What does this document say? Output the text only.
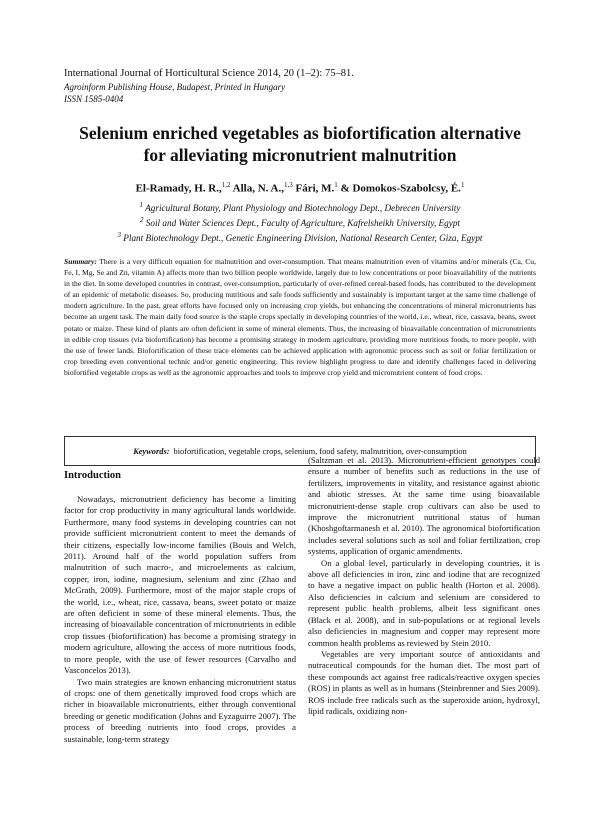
International Journal of Horticultural Science 2014, 20 (1–2): 75–81.
Agroinform Publishing House, Budapest, Printed in Hungary
ISSN 1585-0404
Selenium enriched vegetables as biofortification alternative
for alleviating micronutrient malnutrition
El-Ramady, H. R.,$^{1,2}$ Alla, N. A.,$^{1,3}$ Fári, M.$^1$ & Domokos-Szabolcsy, É.$^1$
$^1$ Agricultural Botany, Plant Physiology and Biotechnology Dept., Debrecen University
$^2$ Soil and Water Sciences Dept., Faculty of Agriculture, Kafrelsheikh University, Egypt
$^3$ Plant Biotechnology Dept., Genetic Engineering Division, National Research Center, Giza, Egypt
Summary: There is a very difficult equation for malnutrition and over-consumption. That means malnutrition even of vitamins and/or minerals (Ca, Cu, Fe, I, Mg, Se and Zn, vitamin A) affects more than two billion people worldwide, largely due to low concentrations or poor bioavailability of the nutrients in the diet. In some developed countries in contrast, over-consumption, particularly of over-refined cereal-based foods, has contributed to the development of an epidemic of metabolic diseases. So, producing nutritious and safe foods sufficiently and sustainably is important target at the same time challenge of modern agriculture. In the past, great efforts have focused only on increasing crop yields, but enhancing the concentrations of mineral micronutrients has become an urgent task. The main daily food source is the staple crops specially in developing countries of the world, i.e., wheat, rice, cassava, beans, sweet potato or maize. These kind of plants are often deficient in some of mineral elements. Thus, the increasing of bioavailable concentration of micronutrients in edible crop tissues (via biofortification) has become a promising strategy in modern agriculture, providing more nutritious foods, to more people, with the use of fewer lands. Biofortification of these trace elements can be achieved application with agronomic process such as soil or foliar fertilization or crop breeding even conventional technic and/or genetic engineering. This review highlight progress to date and identify challenges faced in delivering biofortified vegetable crops as well as the agronomic approaches and tools to improve crop yield and micronutrient content of food crops.
Keywords: biofortification, vegetable crops, selenium, food safety, malnutrition, over-consumption
Introduction

Nowadays, micronutrient deficiency has become a limiting factor for crop productivity in many agricultural lands worldwide. Furthermore, many food systems in developing countries can not provide sufficient micronutrient content to meet the demands of their citizens, especially low-income families (Bouis and Welch, 2011). Around half of the world population suffers from malnutrition of such macro-, and microelements as calcium, copper, iron, iodine, magnesium, selenium and zinc (Zhao and McGrath, 2009). Furthermore, most of the major staple crops of the world, i.e., wheat, rice, cassava, beans, sweet potato or maize are often deficient in some of these mineral elements. Thus, the increasing of bioavailable concentration of micronutrients in edible crop tissues (biofortification) has become a promising strategy in modern agriculture, allowing the access of more nutritious foods, to more people, with the use of fewer resources (Carvalho and Vasconcelos 2013).

Two main strategies are known enhancing micronutrient status of crops: one of them genetically improved food crops which are richer in bioavailable micronutrients, either through conventional breeding or genetic modification (Johns and Eyzaguirre 2007). The process of breeding nutrients into food crops, provides a sustainable, long-term strategy

(Saltzman et al. 2013). Micronutrient-efficient genotypes could ensure a number of benefits such as reductions in the use of fertilizers, improvements in vitality, and resistance against abiotic and abiotic stresses. At the same time using bioavailable micronutrient-dense staple crop cultivars can also be used to improve the micronutrient nutritional status of human (Khoshgoftarmanesh et al. 2010). The agronomical biofortification includes several solutions such as soil and foliar fertilization, crop systems, application of organic amendments.

On a global level, particularly in developing countries, it is above all deficiencies in iron, zinc and iodine that are recognized to have a negative impact on public health (Horton et al. 2008). Also deficiencies in calcium and selenium are considered to represent public health problems, albeit less significant ones (Black et al. 2008), and in sub-populations or at regional levels also deficiencies in magnesium and copper may represent more common health problems as reviewed by Stein 2010.

Vegetables are very important source of antioxidants and nutraceutical compounds for the human diet. The most part of these compounds act against free radicals/reactive oxygen species (ROS) in plants as well as in humans (Steinbrenner and Sies 2009). ROS include free radicals such as the superoxide anion, hydroxyl, lipid radicals, oxidizing non-
